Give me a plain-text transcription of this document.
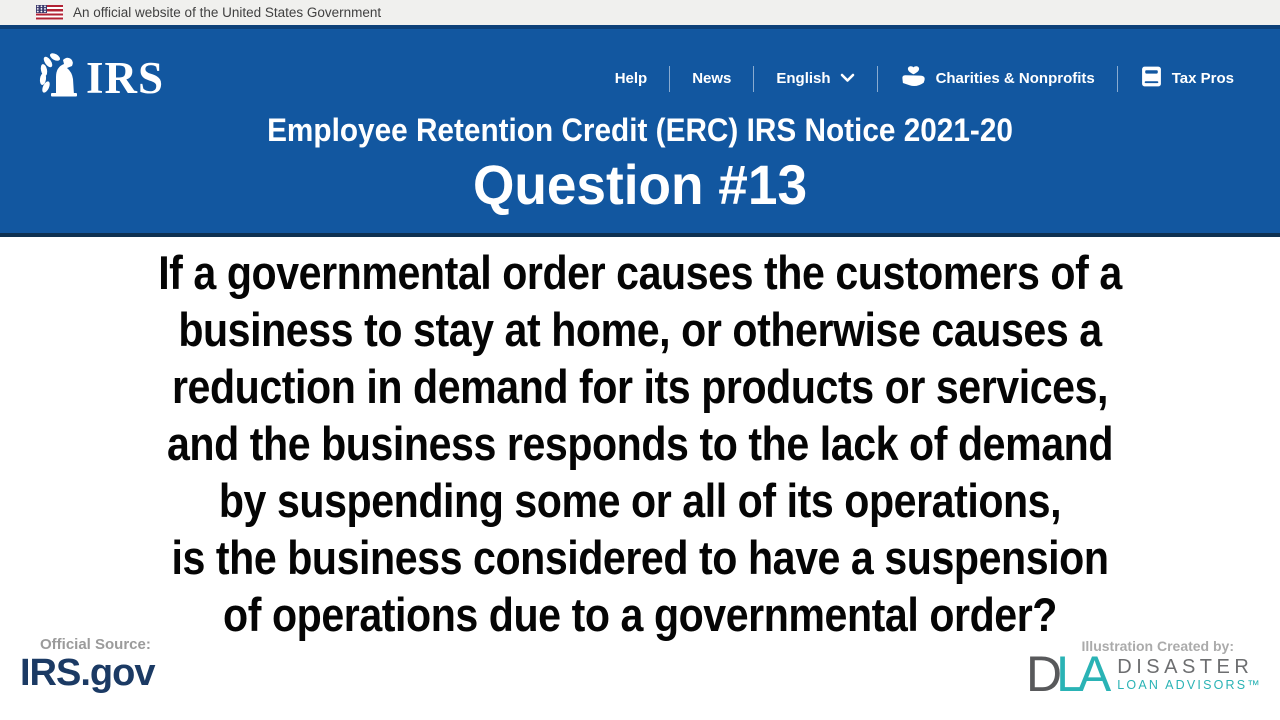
An official website of the United States Government
IRS	Help	News	English	Charities & Nonprofits	Tax Pros
Employee Retention Credit (ERC) IRS Notice 2021-20
Question #13
If a governmental order causes the customers of a
business to stay at home, or otherwise causes a
reduction in demand for its products or services,
and the business responds to the lack of demand
by suspending some or all of its operations,
is the business considered to have a suspension
of operations due to a governmental order?
Official Source:
IRS.gov
Illustration Created by:
D L A DISASTER
LOAN ADVISORS™
